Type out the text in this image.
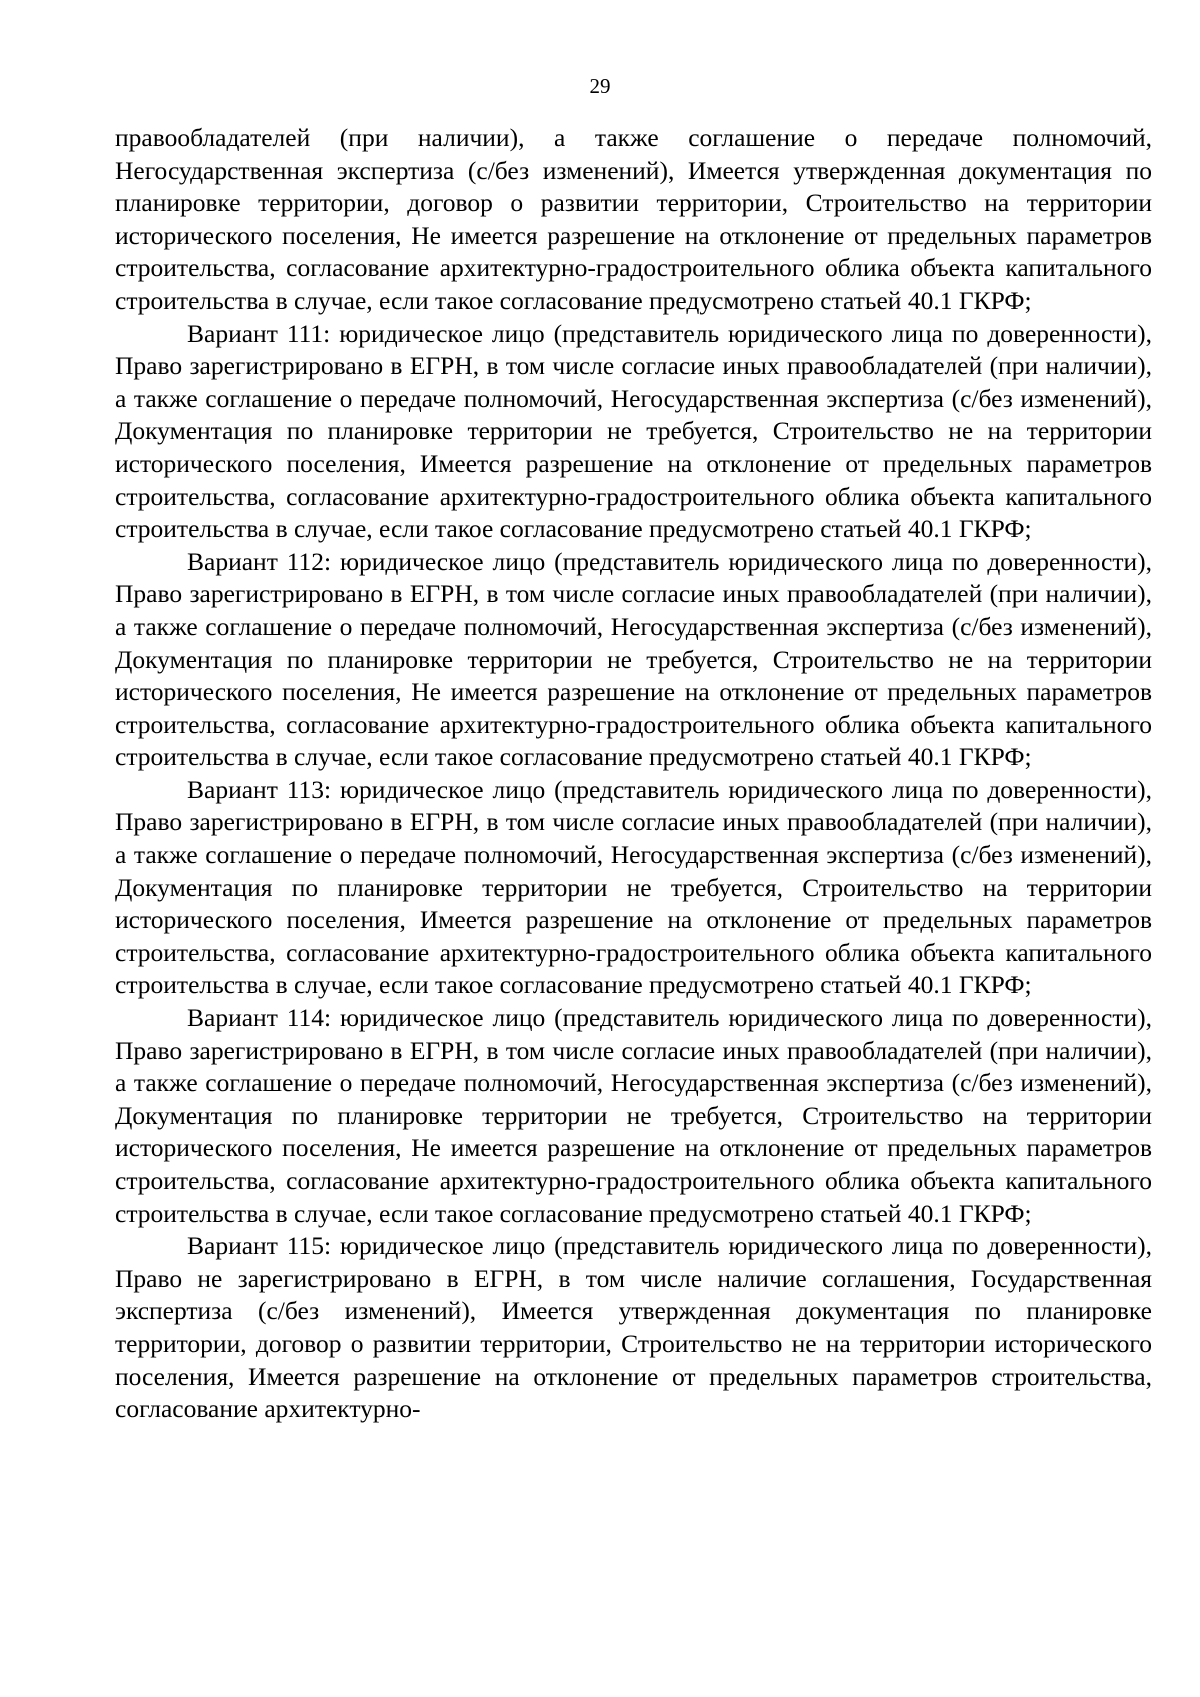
29

правообладателей (при наличии), а также соглашение о передаче полномочий, Негосударственная экспертиза (с/без изменений), Имеется утвержденная документация по планировке территории, договор о развитии территории, Строительство на территории исторического поселения, Не имеется разрешение на отклонение от предельных параметров строительства, согласование архитектурно-градостроительного облика объекта капитального строительства в случае, если такое согласование предусмотрено статьей 40.1 ГКРФ;

Вариант 111: юридическое лицо (представитель юридического лица по доверенности), Право зарегистрировано в ЕГРН, в том числе согласие иных правообладателей (при наличии), а также соглашение о передаче полномочий, Негосударственная экспертиза (с/без изменений), Документация по планировке территории не требуется, Строительство не на территории исторического поселения, Имеется разрешение на отклонение от предельных параметров строительства, согласование архитектурно-градостроительного облика объекта капитального строительства в случае, если такое согласование предусмотрено статьей 40.1 ГКРФ;

Вариант 112: юридическое лицо (представитель юридического лица по доверенности), Право зарегистрировано в ЕГРН, в том числе согласие иных правообладателей (при наличии), а также соглашение о передаче полномочий, Негосударственная экспертиза (с/без изменений), Документация по планировке территории не требуется, Строительство не на территории исторического поселения, Не имеется разрешение на отклонение от предельных параметров строительства, согласование архитектурно-градостроительного облика объекта капитального строительства в случае, если такое согласование предусмотрено статьей 40.1 ГКРФ;

Вариант 113: юридическое лицо (представитель юридического лица по доверенности), Право зарегистрировано в ЕГРН, в том числе согласие иных правообладателей (при наличии), а также соглашение о передаче полномочий, Негосударственная экспертиза (с/без изменений), Документация по планировке территории не требуется, Строительство на территории исторического поселения, Имеется разрешение на отклонение от предельных параметров строительства, согласование архитектурно-градостроительного облика объекта капитального строительства в случае, если такое согласование предусмотрено статьей 40.1 ГКРФ;

Вариант 114: юридическое лицо (представитель юридического лица по доверенности), Право зарегистрировано в ЕГРН, в том числе согласие иных правообладателей (при наличии), а также соглашение о передаче полномочий, Негосударственная экспертиза (с/без изменений), Документация по планировке территории не требуется, Строительство на территории исторического поселения, Не имеется разрешение на отклонение от предельных параметров строительства, согласование архитектурно-градостроительного облика объекта капитального строительства в случае, если такое согласование предусмотрено статьей 40.1 ГКРФ;

Вариант 115: юридическое лицо (представитель юридического лица по доверенности), Право не зарегистрировано в ЕГРН, в том числе наличие соглашения, Государственная экспертиза (с/без изменений), Имеется утвержденная документация по планировке территории, договор о развитии территории, Строительство не на территории исторического поселения, Имеется разрешение на отклонение от предельных параметров строительства, согласование архитектурно-
